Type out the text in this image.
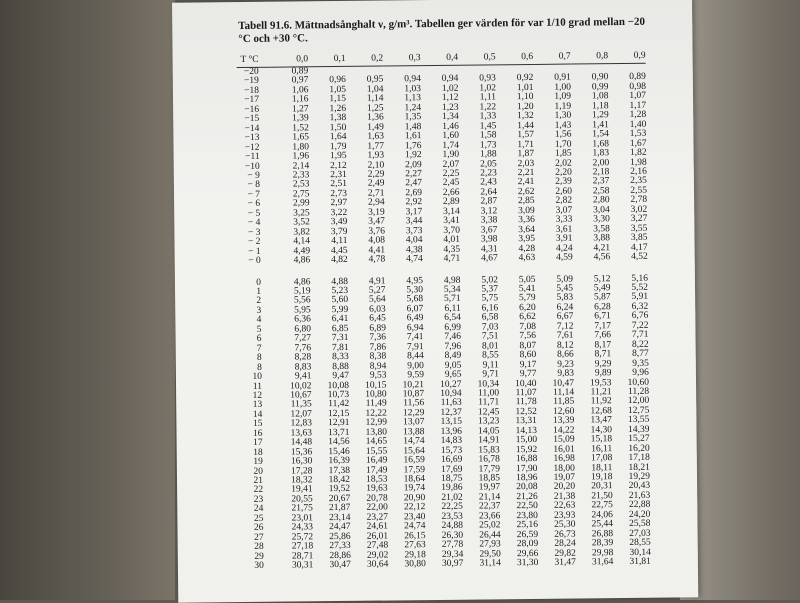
Tabell 91.6. Mättnadsånghalt ν, g/m³. Tabellen ger värden för var 1/10 grad mellan −20 °C och +30 °C.
T °C	0,0	0,1	0,2	0,3	0,4	0,5	0,6	0,7	0,8	0,9
−20	0,89									
−19	0,97	0,96	0,95	0,94	0,94	0,93	0,92	0,91	0,90	0,89
−18	1,06	1,05	1,04	1,03	1,02	1,02	1,01	1,00	0,99	0,98
−17	1,16	1,15	1,14	1,13	1,12	1,11	1,10	1,09	1,08	1,07
−16	1,27	1,26	1,25	1,24	1,23	1,22	1,20	1,19	1,18	1,17
−15	1,39	1,38	1,36	1,35	1,34	1,33	1,32	1,30	1,29	1,28
−14	1,52	1,50	1,49	1,48	1,46	1,45	1,44	1,43	1,41	1,40
−13	1,65	1,64	1,63	1,61	1,60	1,58	1,57	1,56	1,54	1,53
−12	1,80	1,79	1,77	1,76	1,74	1,73	1,71	1,70	1,68	1,67
−11	1,96	1,95	1,93	1,92	1,90	1,88	1,87	1,85	1,83	1,82
−10	2,14	2,12	2,10	2,09	2,07	2,05	2,03	2,02	2,00	1,98
− 9	2,33	2,31	2,29	2,27	2,25	2,23	2,21	2,20	2,18	2,16
− 8	2,53	2,51	2,49	2,47	2,45	2,43	2,41	2,39	2,37	2,35
− 7	2,75	2,73	2,71	2,69	2,66	2,64	2,62	2,60	2,58	2,55
− 6	2,99	2,97	2,94	2,92	2,89	2,87	2,85	2,82	2,80	2,78
− 5	3,25	3,22	3,19	3,17	3,14	3,12	3,09	3,07	3,04	3,02
− 4	3,52	3,49	3,47	3,44	3,41	3,38	3,36	3,33	3,30	3,27
− 3	3,82	3,79	3,76	3,73	3,70	3,67	3,64	3,61	3,58	3,55
− 2	4,14	4,11	4,08	4,04	4,01	3,98	3,95	3,91	3,88	3,85
− 1	4,49	4,45	4,41	4,38	4,35	4,31	4,28	4,24	4,21	4,17
− 0	4,86	4,82	4,78	4,74	4,71	4,67	4,63	4,59	4,56	4,52

0	4,86	4,88	4,91	4,95	4,98	5,02	5,05	5,09	5,12	5,16
1	5,19	5,23	5,27	5,30	5,34	5,37	5,41	5,45	5,49	5,52
2	5,56	5,60	5,64	5,68	5,71	5,75	5,79	5,83	5,87	5,91
3	5,95	5,99	6,03	6,07	6,11	6,16	6,20	6,24	6,28	6,32
4	6,36	6,41	6,45	6,49	6,54	6,58	6,62	6,67	6,71	6,76
5	6,80	6,85	6,89	6,94	6,99	7,03	7,08	7,12	7,17	7,22
6	7,27	7,31	7,36	7,41	7,46	7,51	7,56	7,61	7,66	7,71
7	7,76	7,81	7,86	7,91	7,96	8,01	8,07	8,12	8,17	8,22
8	8,28	8,33	8,38	8,44	8,49	8,55	8,60	8,66	8,71	8,77
8	8,83	8,88	8,94	9,00	9,05	9,11	9,17	9,23	9,29	9,35
10	9,41	9,47	9,53	9,59	9,65	9,71	9,77	9,83	9,89	9,96
11	10,02	10,08	10,15	10,21	10,27	10,34	10,40	10,47	19,53	10,60
12	10,67	10,73	10,80	10,87	10,94	11,00	11,07	11,14	11,21	11,28
13	11,35	11,42	11,49	11,56	11,63	11,71	11,78	11,85	11,92	12,00
14	12,07	12,15	12,22	12,29	12,37	12,45	12,52	12,60	12,68	12,75
15	12,83	12,91	12,99	13,07	13,15	13,23	13,31	13,39	13,47	13,55
16	13,63	13,71	13,80	13,88	13,96	14,05	14,13	14,22	14,30	14,39
17	14,48	14,56	14,65	14,74	14,83	14,91	15,00	15,09	15,18	15,27
18	15,36	15,46	15,55	15,64	15,73	15,83	15,92	16,01	16,11	16,20
19	16,30	16,39	16,49	16,59	16,69	16,78	16,88	16,98	17,08	17,18
20	17,28	17,38	17,49	17,59	17,69	17,79	17,90	18,00	18,11	18,21
21	18,32	18,42	18,53	18,64	18,75	18,85	18,96	19,07	19,18	19,29
22	19,41	19,52	19,63	19,74	19,86	19,97	20,08	20,20	20,31	20,43
23	20,55	20,67	20,78	20,90	21,02	21,14	21,26	21,38	21,50	21,63
24	21,75	21,87	22,00	22,12	22,25	22,37	22,50	22,63	22,75	22,88
25	23,01	23,14	23,27	23,40	23,53	23,66	23,80	23,93	24,06	24,20
26	24,33	24,47	24,61	24,74	24,88	25,02	25,16	25,30	25,44	25,58
27	25,72	25,86	26,01	26,15	26,30	26,44	26,59	26,73	26,88	27,03
28	27,18	27,33	27,48	27,63	27,78	27,93	28,09	28,24	28,39	28,55
29	28,71	28,86	29,02	29,18	29,34	29,50	29,66	29,82	29,98	30,14
30	30,31	30,47	30,64	30,80	30,97	31,14	31,30	31,47	31,64	31,81
